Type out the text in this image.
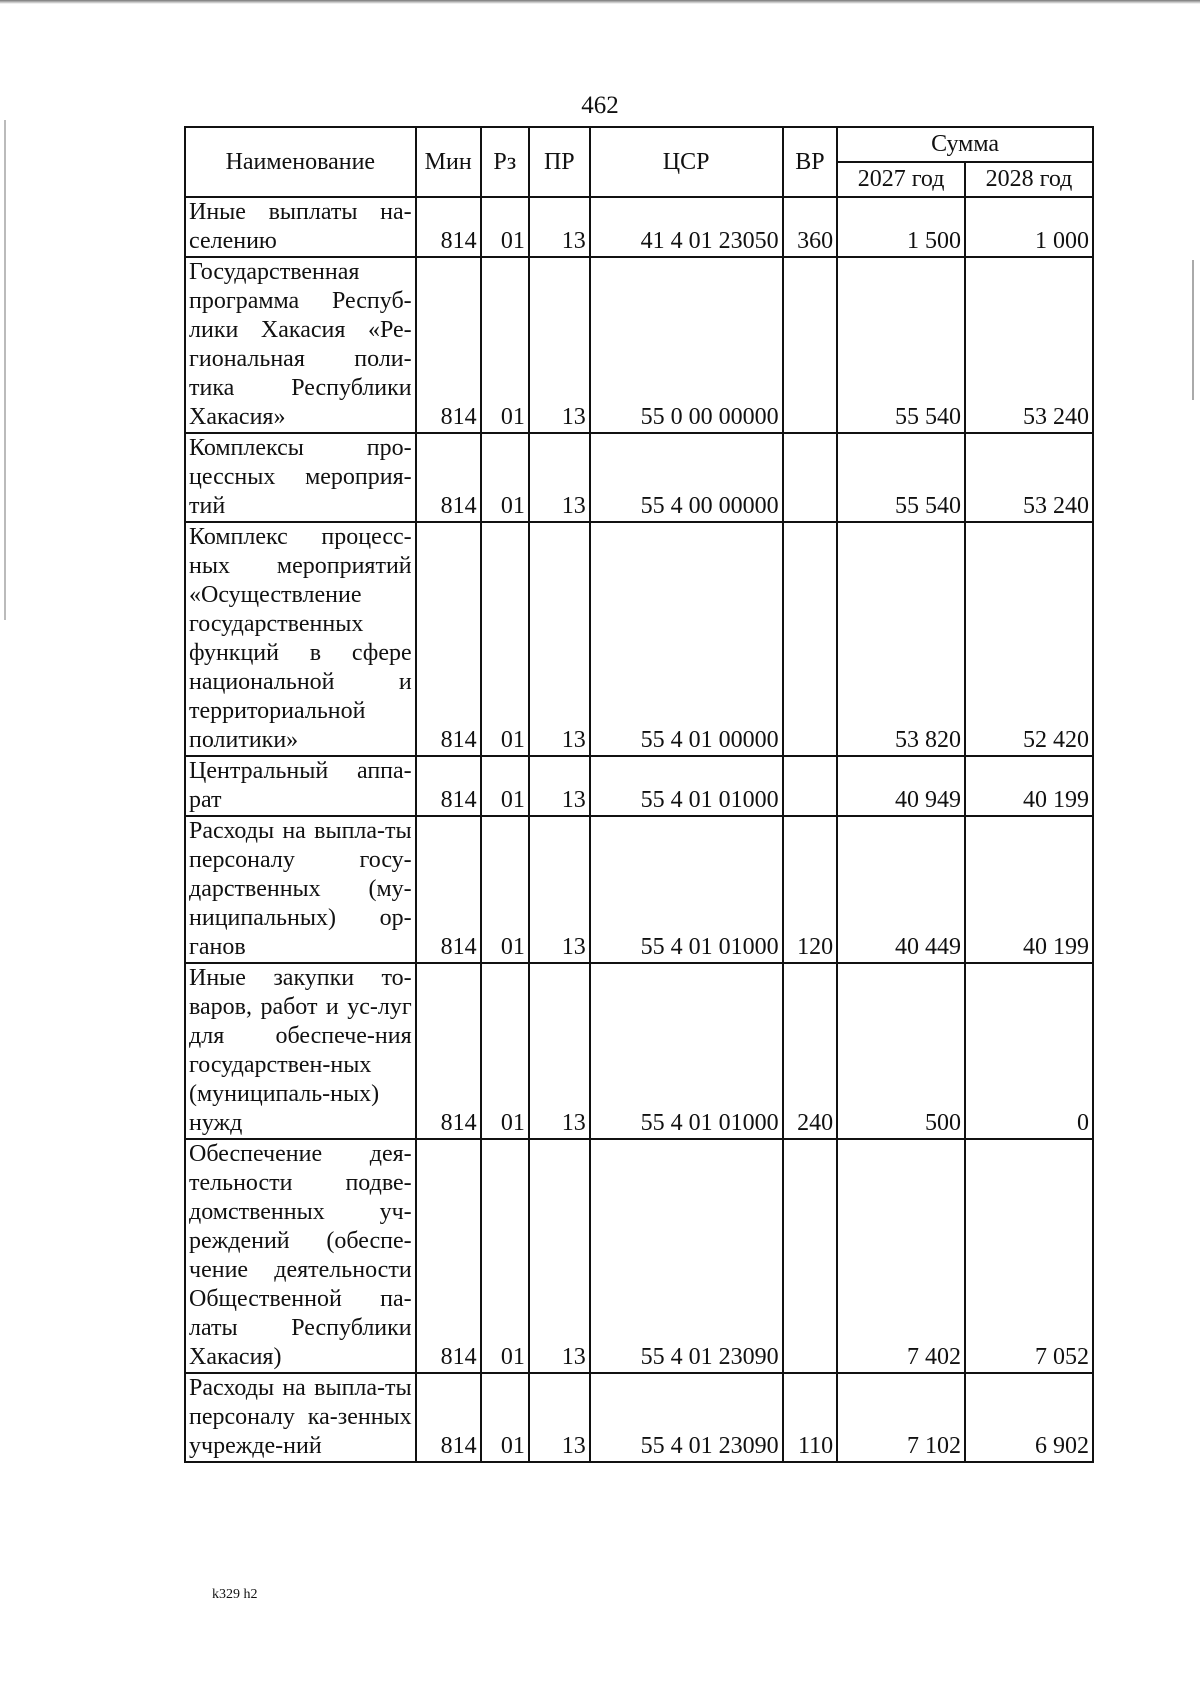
462
Наименование	Мин	Рз	ПР	ЦСР	ВР	Сумма	
						2027 год	2028 год
Иные выплаты на-селению	814	01	13	41 4 01 23050	360	1 500	1 000
Государственная программа Респуб-лики Хакасия «Ре-гиональная поли-тика Республики Хакасия»	814	01	13	55 0 00 00000		55 540	53 240
Комплексы про-цессных мероприя-тий	814	01	13	55 4 00 00000		55 540	53 240
Комплекс процесс-ных мероприятий «Осуществление государственных функций в сфере национальной и территориальной политики»	814	01	13	55 4 01 00000		53 820	52 420
Центральный аппа-рат	814	01	13	55 4 01 01000		40 949	40 199
Расходы на выпла-ты персоналу госу-дарственных (му-ниципальных) ор-ганов	814	01	13	55 4 01 01000	120	40 449	40 199
Иные закупки то-варов, работ и ус-луг для обеспече-ния государствен-ных (муниципаль-ных) нужд	814	01	13	55 4 01 01000	240	500	0
Обеспечение дея-тельности подве-домственных уч-реждений (обеспе-чение деятельности Общественной па-латы Республики Хакасия)	814	01	13	55 4 01 23090		7 402	7 052
Расходы на выпла-ты персоналу ка-зенных учрежде-ний	814	01	13	55 4 01 23090	110	7 102	6 902
k329 h2
